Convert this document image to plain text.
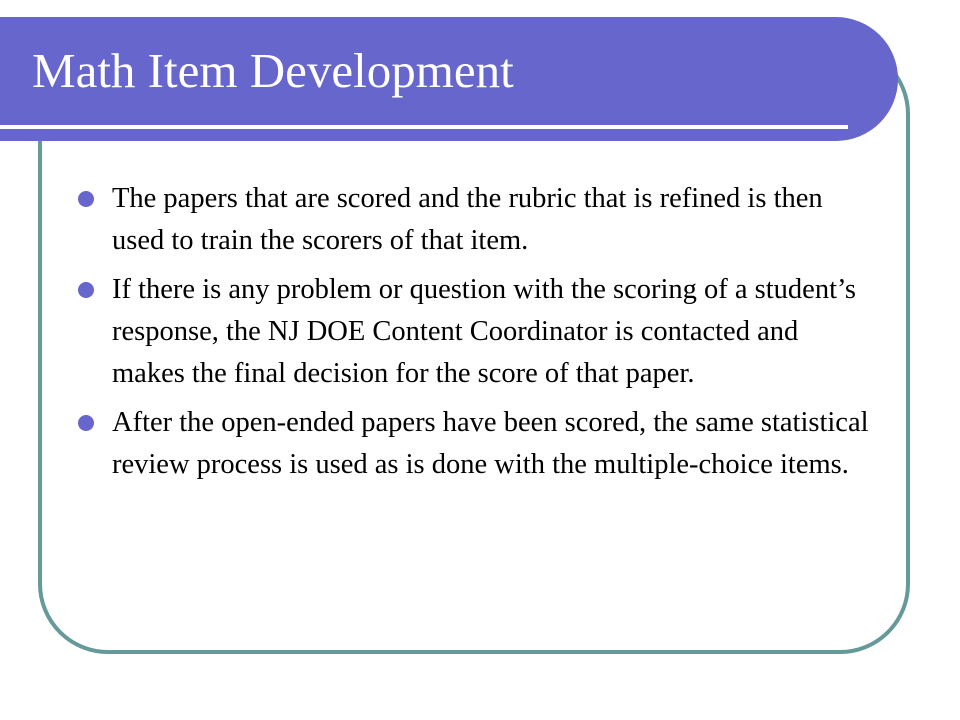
Math Item Development
The papers that are scored and the rubric that is refined is then used to train the scorers of that item.
If there is any problem or question with the scoring of a student’s response, the NJ DOE Content Coordinator is contacted and makes the final decision for the score of that paper.
After the open-ended papers have been scored, the same statistical review process is used as is done with the multiple-choice items.
